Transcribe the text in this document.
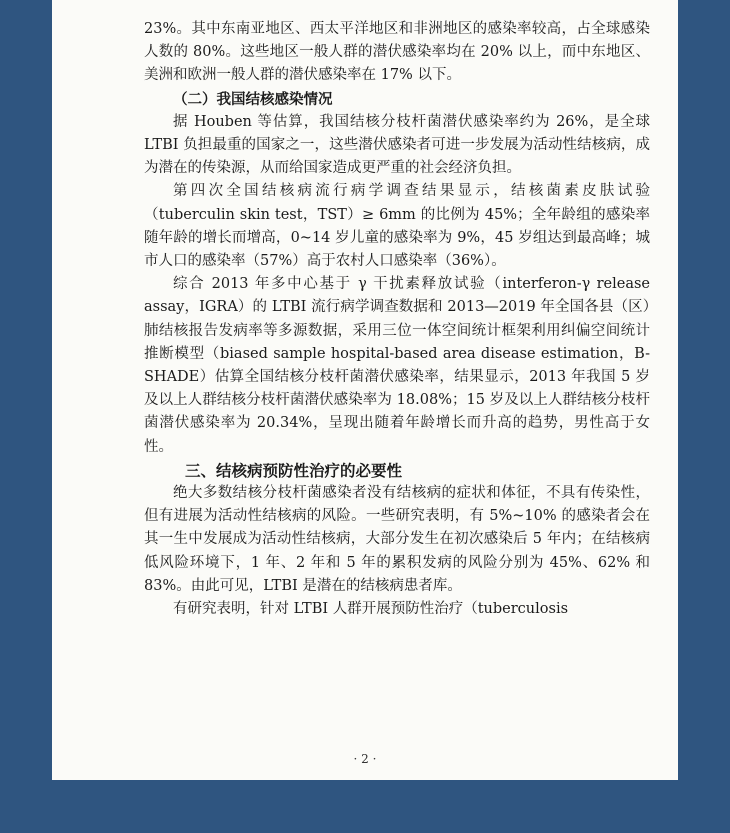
23%。其中东南亚地区、西太平洋地区和非洲地区的感染率较高，占全球感染人数的 80%。这些地区一般人群的潜伏感染率均在 20% 以上，而中东地区、美洲和欧洲一般人群的潜伏感染率在 17% 以下。

（二）我国结核感染情况

据 Houben 等估算，我国结核分枝杆菌潜伏感染率约为 26%，是全球 LTBI 负担最重的国家之一，这些潜伏感染者可进一步发展为活动性结核病，成为潜在的传染源，从而给国家造成更严重的社会经济负担。

第四次全国结核病流行病学调查结果显示，结核菌素皮肤试验（tuberculin skin test，TST）≥ 6mm 的比例为 45%；全年龄组的感染率随年龄的增长而增高，0~14 岁儿童的感染率为 9%，45 岁组达到最高峰；城市人口的感染率（57%）高于农村人口感染率（36%）。

综合 2013 年多中心基于 γ 干扰素释放试验（interferon-γ release assay，IGRA）的 LTBI 流行病学调查数据和 2013—2019 年全国各县（区）肺结核报告发病率等多源数据，采用三位一体空间统计框架利用纠偏空间统计推断模型（biased sample hospital-based area disease estimation，B-SHADE）估算全国结核分枝杆菌潜伏感染率，结果显示，2013 年我国 5 岁及以上人群结核分枝杆菌潜伏感染率为 18.08%；15 岁及以上人群结核分枝杆菌潜伏感染率为 20.34%，呈现出随着年龄增长而升高的趋势，男性高于女性。

三、结核病预防性治疗的必要性

绝大多数结核分枝杆菌感染者没有结核病的症状和体征，不具有传染性，但有进展为活动性结核病的风险。一些研究表明，有 5%~10% 的感染者会在其一生中发展成为活动性结核病，大部分发生在初次感染后 5 年内；在结核病低风险环境下，1 年、2 年和 5 年的累积发病的风险分别为 45%、62% 和 83%。由此可见，LTBI 是潜在的结核病患者库。

有研究表明，针对 LTBI 人群开展预防性治疗（tuberculosis

· 2 ·
